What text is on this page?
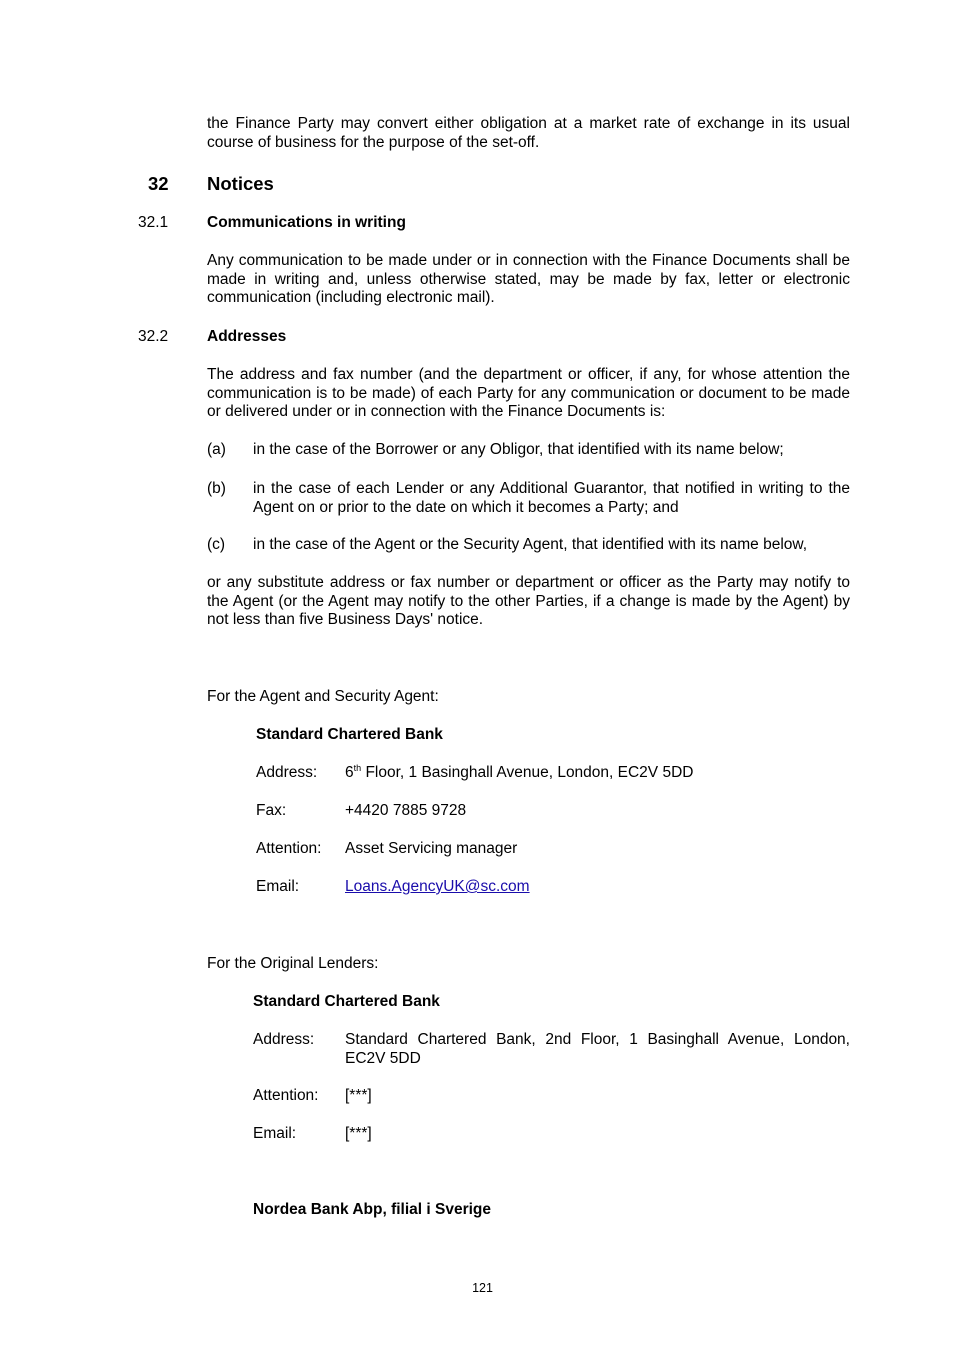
the Finance Party may convert either obligation at a market rate of exchange in its usual course of business for the purpose of the set-off.
32 Notices
32.1	Communications in writing
Any communication to be made under or in connection with the Finance Documents shall be made in writing and, unless otherwise stated, may be made by fax, letter or electronic communication (including electronic mail).
32.2	Addresses
The address and fax number (and the department or officer, if any, for whose attention the communication is to be made) of each Party for any communication or document to be made or delivered under or in connection with the Finance Documents is:
(a) in the case of the Borrower or any Obligor, that identified with its name below;
(b) in the case of each Lender or any Additional Guarantor, that notified in writing to the Agent on or prior to the date on which it becomes a Party; and
(c) in the case of the Agent or the Security Agent, that identified with its name below,
or any substitute address or fax number or department or officer as the Party may notify to the Agent (or the Agent may notify to the other Parties, if a change is made by the Agent) by not less than five Business Days' notice.
For the Agent and Security Agent:
Standard Chartered Bank
Address: 6th Floor, 1 Basinghall Avenue, London, EC2V 5DD
Fax:	+4420 7885 9728
Attention: Asset Servicing manager
Email:	Loans.AgencyUK@sc.com
For the Original Lenders:
Standard Chartered Bank
Address: Standard Chartered Bank, 2nd Floor, 1 Basinghall Avenue, London, EC2V 5DD
Attention: [***]
Email:	[***]
Nordea Bank Abp, filial i Sverige
121
